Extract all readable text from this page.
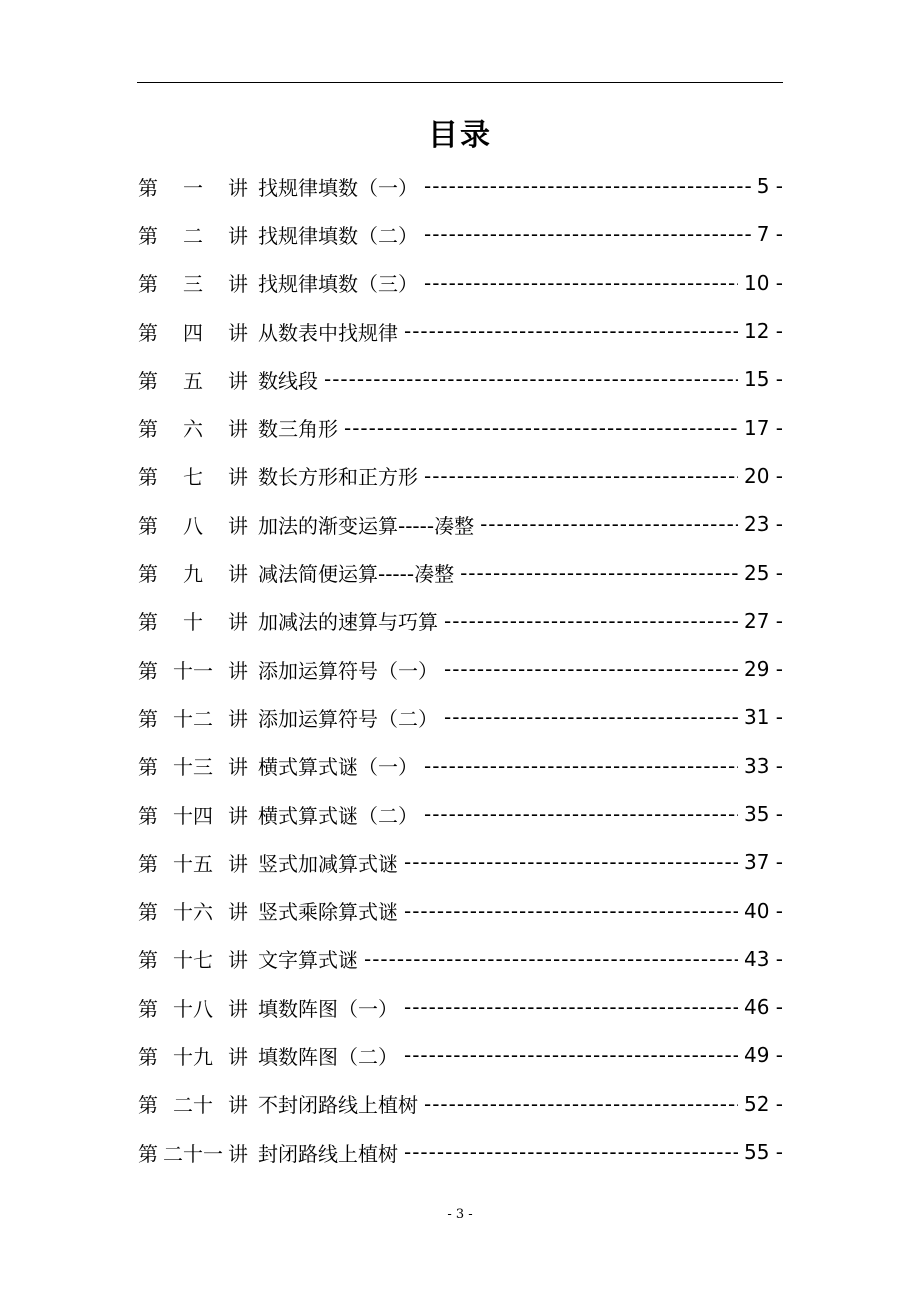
目录
第 一 讲 找规律填数（一） -----	5 -
第 二 讲 找规律填数（二） -----	7 -
第 三 讲 找规律填数（三） -----	10 -
第 四 讲 从数表中找规律 -----	12 -
第 五 讲 数线段 -----	15 -
第 六 讲 数三角形 -----	17 -
第 七 讲 数长方形和正方形 -----	20 -
第 八 讲 加法的渐变运算-----凑整 -----	23 -
第 九 讲 减法简便运算-----凑整 -----	25 -
第 十 讲 加减法的速算与巧算 -----	27 -
第 十一 讲 添加运算符号（一） -----	29 -
第 十二 讲 添加运算符号（二） -----	31 -
第 十三 讲 横式算式谜（一） -----	33 -
第 十四 讲 横式算式谜（二） -----	35 -
第 十五 讲 竖式加减算式谜 -----	37 -
第 十六 讲 竖式乘除算式谜 -----	40 -
第 十七 讲 文字算式谜 -----	43 -
第 十八 讲 填数阵图（一） -----	46 -
第 十九 讲 填数阵图（二） -----	49 -
第 二十 讲 不封闭路线上植树 -----	52 -
第 二十一 讲 封闭路线上植树 -----	55 -
- 3 -
